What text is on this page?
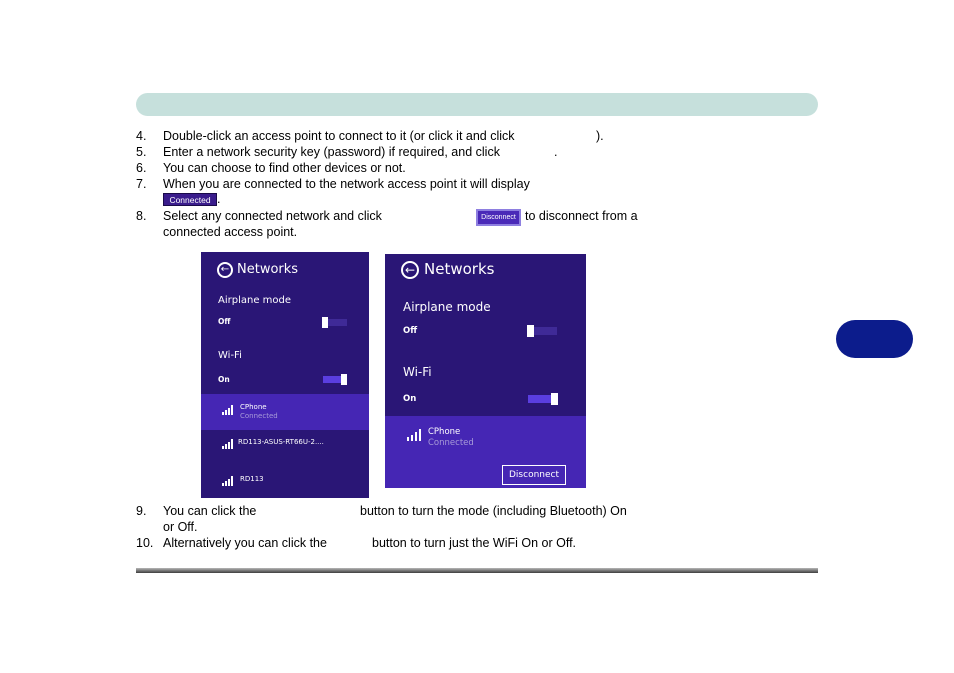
4. Double-click an access point to connect to it (or click it and click	).
5. Enter a network security key (password) if required, and click	.
6. You can choose to find other devices or not.
7. When you are connected to the network access point it will display
Connected .
8. Select any connected network and click	Disconnect to disconnect from a
connected access point.
← Networks
Airplane mode
Off
Wi-Fi
On
CPhone
Connected
RD113-ASUS-RT66U-2....
RD113
← Networks
Airplane mode
Off
Wi-Fi
On
CPhone
Connected
Disconnect
9. You can click the	button to turn the mode (including Bluetooth) On
or Off.
10. Alternatively you can click the	button to turn just the WiFi On or Off.
